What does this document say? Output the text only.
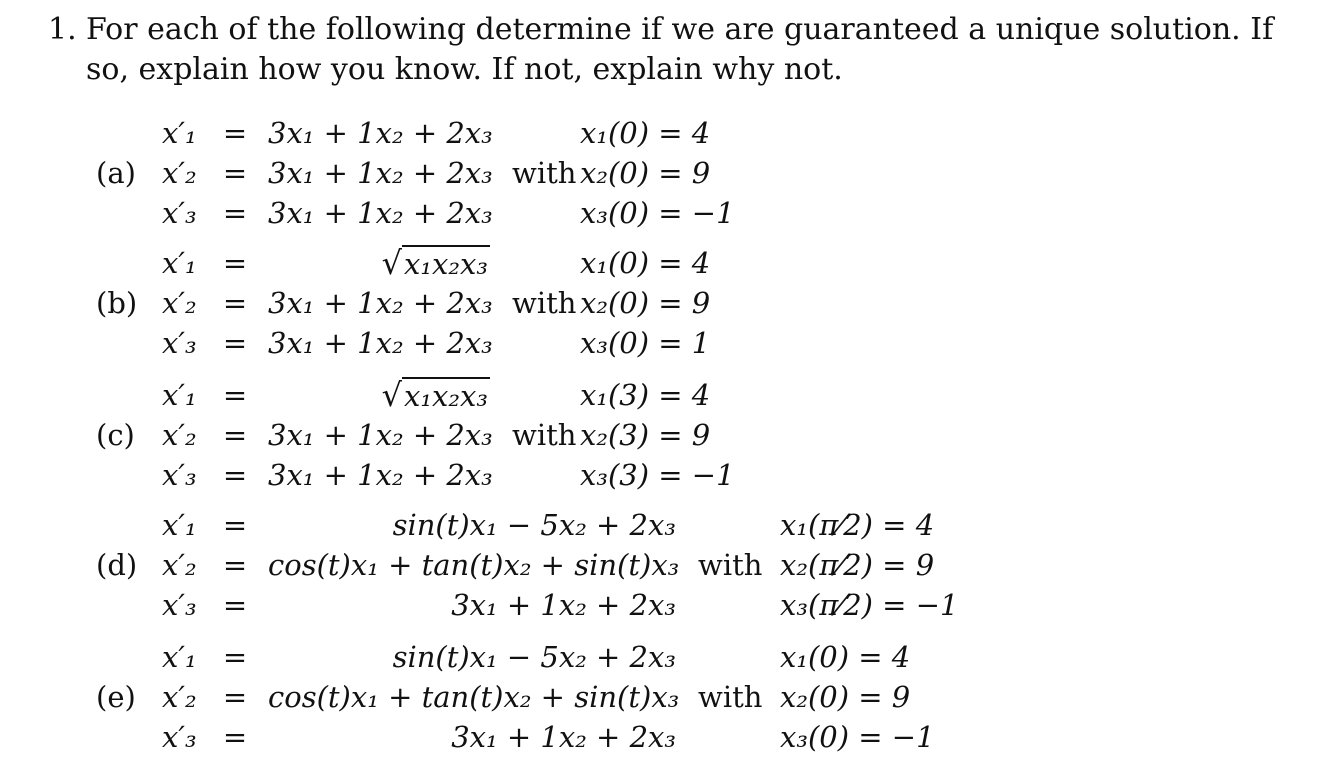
1. For each of the following determine if we are guaranteed a unique solution. If so, explain how you know. If not, explain why not.
(a)
x′₁ = 3x₁ + 1x₂ + 2x₃	x₁(0) = 4
x′₂ = 3x₁ + 1x₂ + 2x₃ with x₂(0) = 9
x′₃ = 3x₁ + 1x₂ + 2x₃	x₃(0) = −1
(b)
x′₁ =	√x₁x₂x₃	x₁(0) = 4
x′₂ = 3x₁ + 1x₂ + 2x₃ with x₂(0) = 9
x′₃ = 3x₁ + 1x₂ + 2x₃	x₃(0) = 1
(c)
x′₁ =	√x₁x₂x₃	x₁(3) = 4
x′₂ = 3x₁ + 1x₂ + 2x₃ with x₂(3) = 9
x′₃ = 3x₁ + 1x₂ + 2x₃	x₃(3) = −1
(d)
x′₁ =	sin(t)x₁ − 5x₂ + 2x₃	x₁(π⁄2) = 4
x′₂ = cos(t)x₁ + tan(t)x₂ + sin(t)x₃ with x₂(π⁄2) = 9
x′₃ =	3x₁ + 1x₂ + 2x₃	x₃(π⁄2) = −1
(e)
x′₁ =	sin(t)x₁ − 5x₂ + 2x₃	x₁(0) = 4
x′₂ = cos(t)x₁ + tan(t)x₂ + sin(t)x₃ with x₂(0) = 9
x′₃ =	3x₁ + 1x₂ + 2x₃	x₃(0) = −1
